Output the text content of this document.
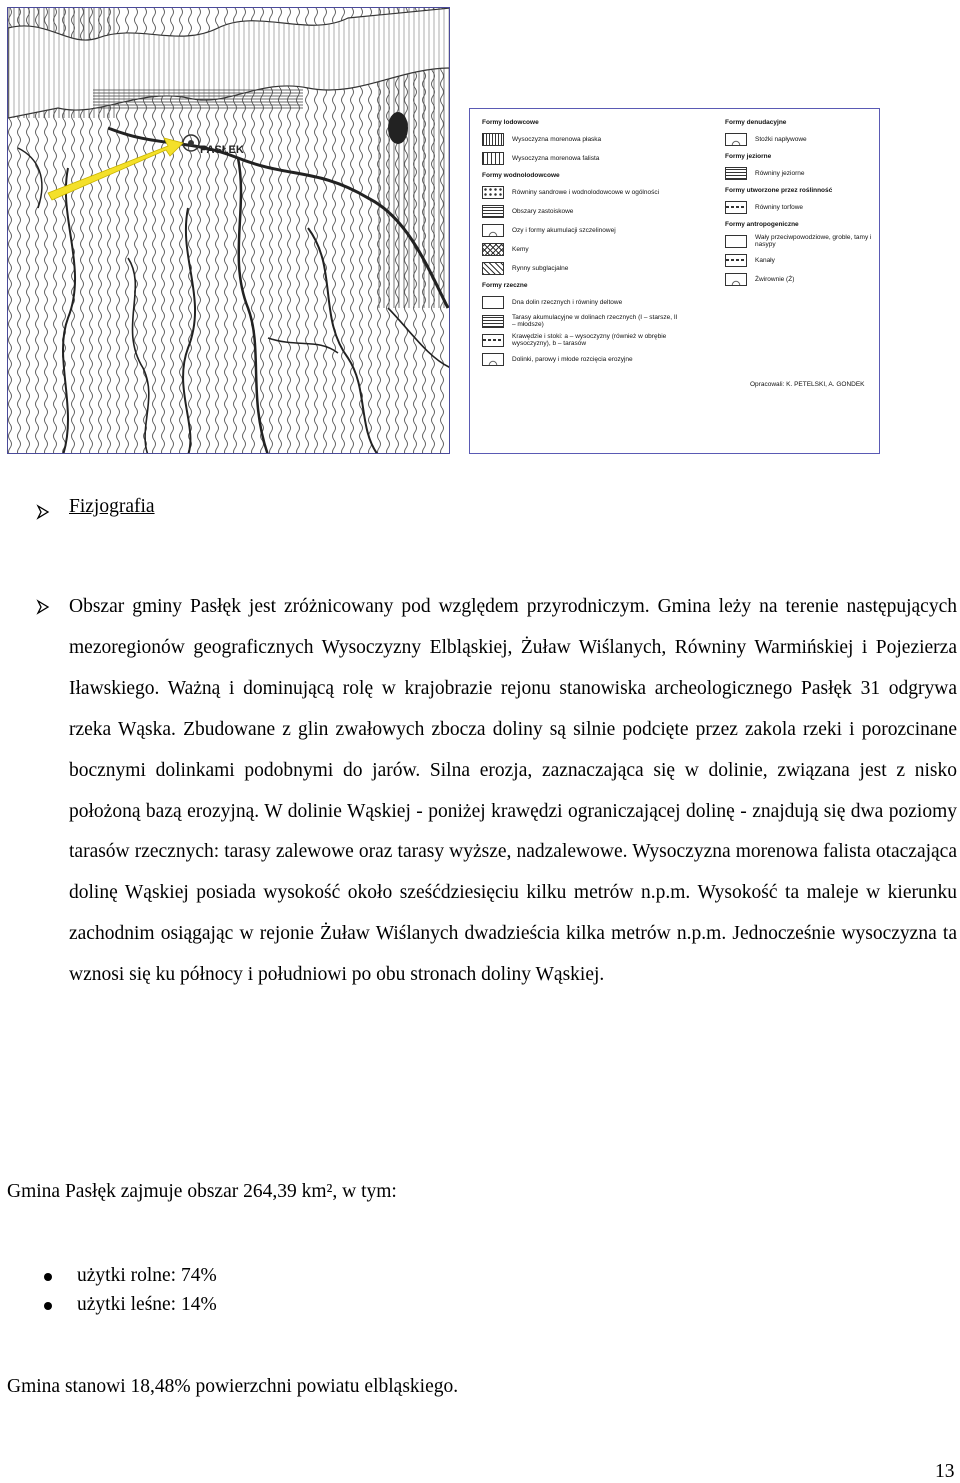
PASŁEK
Formy lodowcowe
Wysoczyzna morenowa płaska
Wysoczyzna morenowa falista
Formy wodnolodowcowe
Równiny sandrowe i wodnolodowcowe w ogólności
Obszary zastoiskowe
Ozy i formy akumulacji szczelinowej
Kemy
Rynny subglacjalne
Formy rzeczne
Dna dolin rzecznych i równiny deltowe
Tarasy akumulacyjne w dolinach rzecznych (I – starsze, II – młodsze)
Krawędzie i stoki: a – wysoczyzny (również w obrębie wysoczyzny), b – tarasów
Dolinki, parowy i młode rozcięcia erozyjne
Formy denudacyjne
Stożki napływowe
Formy jeziorne
Równiny jeziorne
Formy utworzone przez roślinność
Równiny torfowe
Formy antropogeniczne
Wały przeciwpowodziowe, groble, tamy i nasypy
Kanały
Żwirownie (Ż)
Opracowali: K. PETELSKI, A. GONDEK
Fizjografia
Obszar gminy Pasłęk jest zróżnicowany pod względem przyrodniczym. Gmina leży na terenie następujących mezoregionów geograficznych Wysoczyzny Elbląskiej, Żuław Wiślanych, Równiny Warmińskiej i Pojezierza Iławskiego. Ważną i dominującą rolę w krajobrazie rejonu stanowiska archeologicznego Pasłęk 31 odgrywa rzeka Wąska. Zbudowane z glin zwałowych zbocza doliny są silnie podcięte przez zakola rzeki i porozcinane bocznymi dolinkami podobnymi do jarów. Silna erozja, zaznaczająca się w dolinie, związana jest z nisko położoną bazą erozyjną. W dolinie Wąskiej - poniżej krawędzi ograniczającej dolinę - znajdują się dwa poziomy tarasów rzecznych: tarasy zalewowe oraz tarasy wyższe, nadzalewowe. Wysoczyzna morenowa falista otaczająca dolinę Wąskiej posiada wysokość około sześćdziesięciu kilku metrów n.p.m. Wysokość ta maleje w kierunku zachodnim osiągając w rejonie Żuław Wiślanych dwadzieścia kilka metrów n.p.m. Jednocześnie wysoczyzna ta wznosi się ku północy i południowi po obu stronach doliny Wąskiej.
Gmina Pasłęk zajmuje obszar 264,39 km², w tym:
użytki rolne: 74%
użytki leśne: 14%
Gmina stanowi 18,48% powierzchni powiatu elbląskiego.
13
